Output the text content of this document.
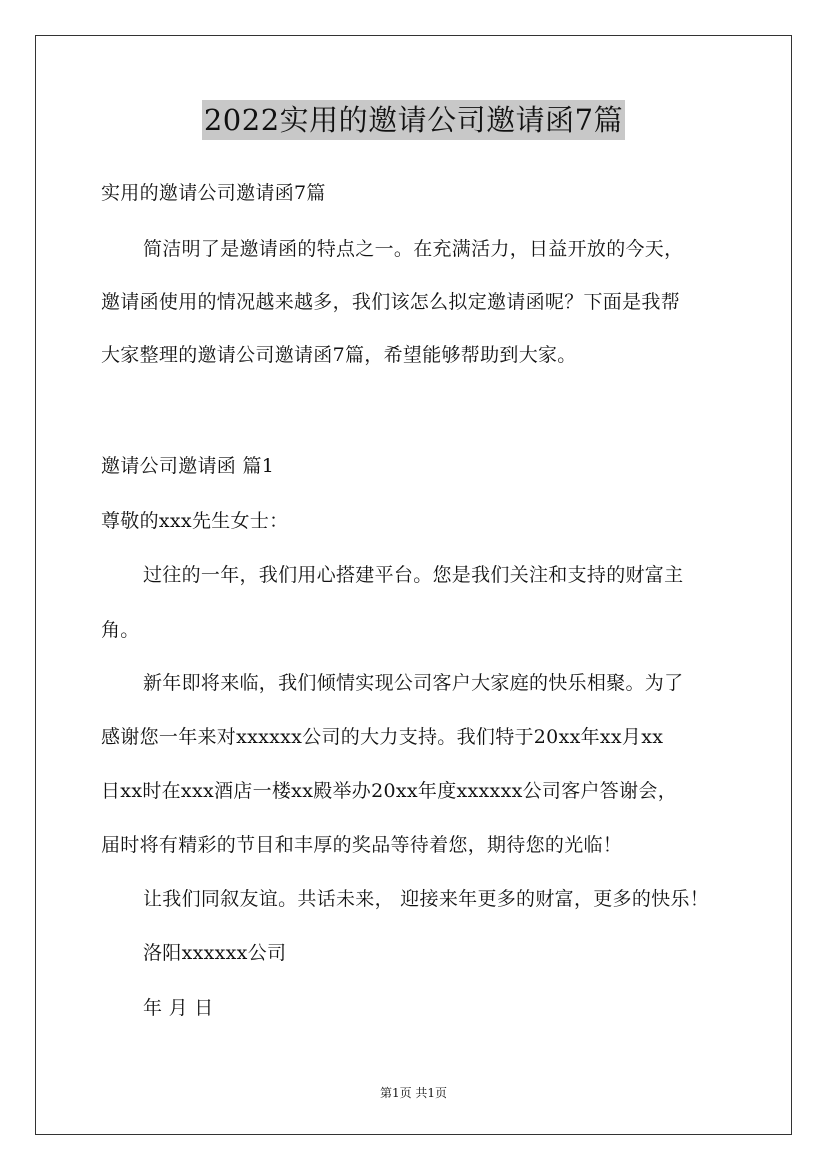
2022实用的邀请公司邀请函7篇
实用的邀请公司邀请函7篇
简洁明了是邀请函的特点之一。在充满活力，日益开放的今天，
邀请函使用的情况越来越多，我们该怎么拟定邀请函呢？下面是我帮
大家整理的邀请公司邀请函7篇，希望能够帮助到大家。
邀请公司邀请函 篇1
尊敬的xxx先生女士：
过往的一年，我们用心搭建平台。您是我们关注和支持的财富主
角。
新年即将来临，我们倾情实现公司客户大家庭的快乐相聚。为了
感谢您一年来对xxxxxx公司的大力支持。我们特于20xx年xx月xx
日xx时在xxx酒店一楼xx殿举办20xx年度xxxxxx公司客户答谢会，
届时将有精彩的节目和丰厚的奖品等待着您，期待您的光临！
让我们同叙友谊。共话未来， 迎接来年更多的财富，更多的快乐！
洛阳xxxxxx公司
年 月 日
第1页 共1页
